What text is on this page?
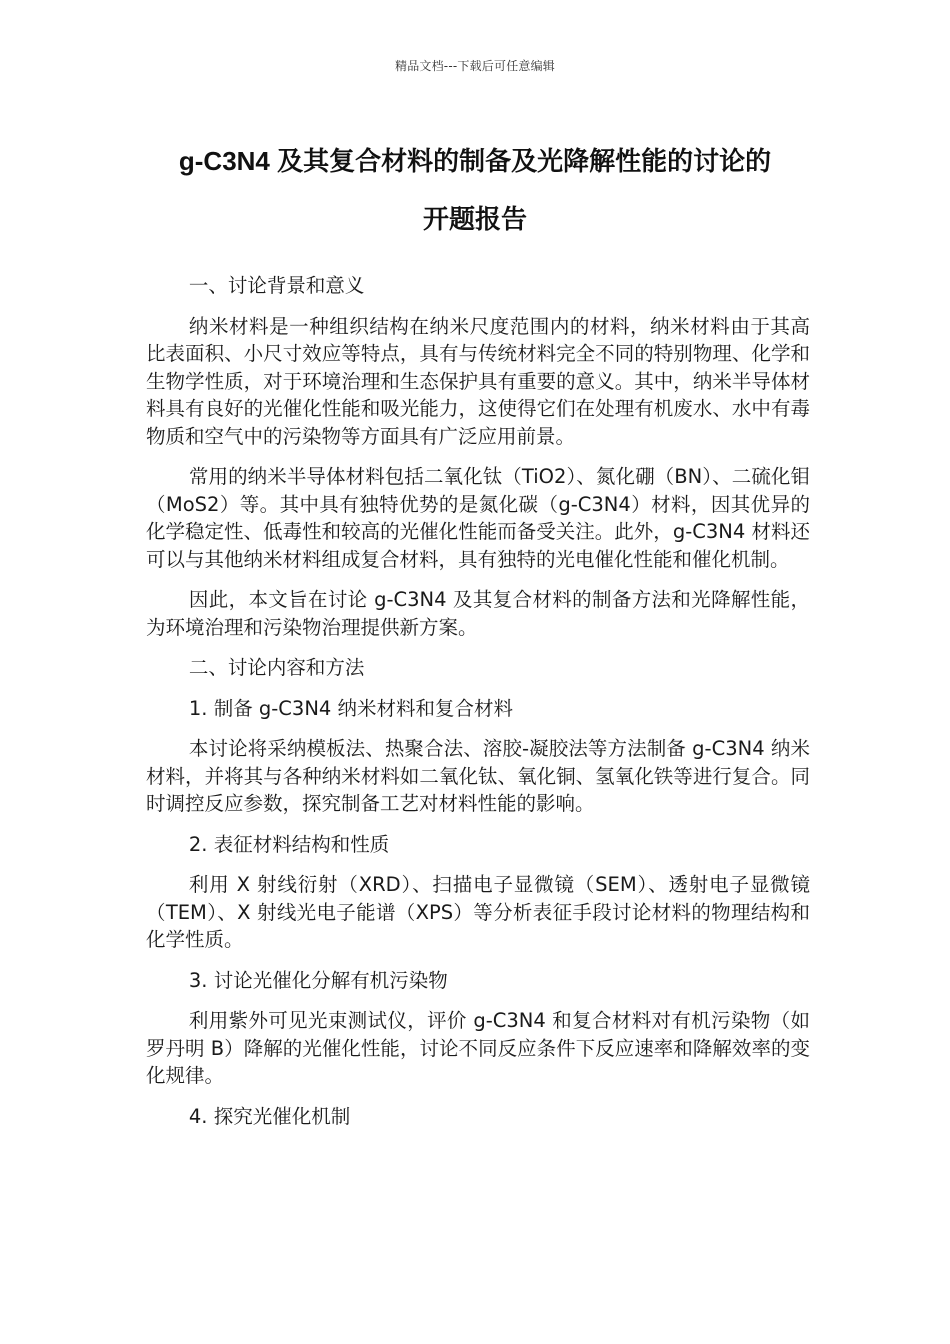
精品文档---下载后可任意编辑
g-C3N4 及其复合材料的制备及光降解性能的讨论的
开题报告

一、讨论背景和意义

纳米材料是一种组织结构在纳米尺度范围内的材料，纳米材料由于其高比表面积、小尺寸效应等特点，具有与传统材料完全不同的特别物理、化学和生物学性质，对于环境治理和生态保护具有重要的意义。其中，纳米半导体材料具有良好的光催化性能和吸光能力，这使得它们在处理有机废水、水中有毒物质和空气中的污染物等方面具有广泛应用前景。

常用的纳米半导体材料包括二氧化钛（TiO2）、氮化硼（BN）、二硫化钼（MoS2）等。其中具有独特优势的是氮化碳（g-C3N4）材料，因其优异的化学稳定性、低毒性和较高的光催化性能而备受关注。此外，g-C3N4 材料还可以与其他纳米材料组成复合材料，具有独特的光电催化性能和催化机制。

因此，本文旨在讨论 g-C3N4 及其复合材料的制备方法和光降解性能，为环境治理和污染物治理提供新方案。

二、讨论内容和方法

1. 制备 g-C3N4 纳米材料和复合材料

本讨论将采纳模板法、热聚合法、溶胶-凝胶法等方法制备 g-C3N4 纳米材料，并将其与各种纳米材料如二氧化钛、氧化铜、氢氧化铁等进行复合。同时调控反应参数，探究制备工艺对材料性能的影响。

2. 表征材料结构和性质

利用 X 射线衍射（XRD）、扫描电子显微镜（SEM）、透射电子显微镜（TEM）、X 射线光电子能谱（XPS）等分析表征手段讨论材料的物理结构和化学性质。

3. 讨论光催化分解有机污染物

利用紫外可见光束测试仪，评价 g-C3N4 和复合材料对有机污染物（如罗丹明 B）降解的光催化性能，讨论不同反应条件下反应速率和降解效率的变化规律。

4. 探究光催化机制
